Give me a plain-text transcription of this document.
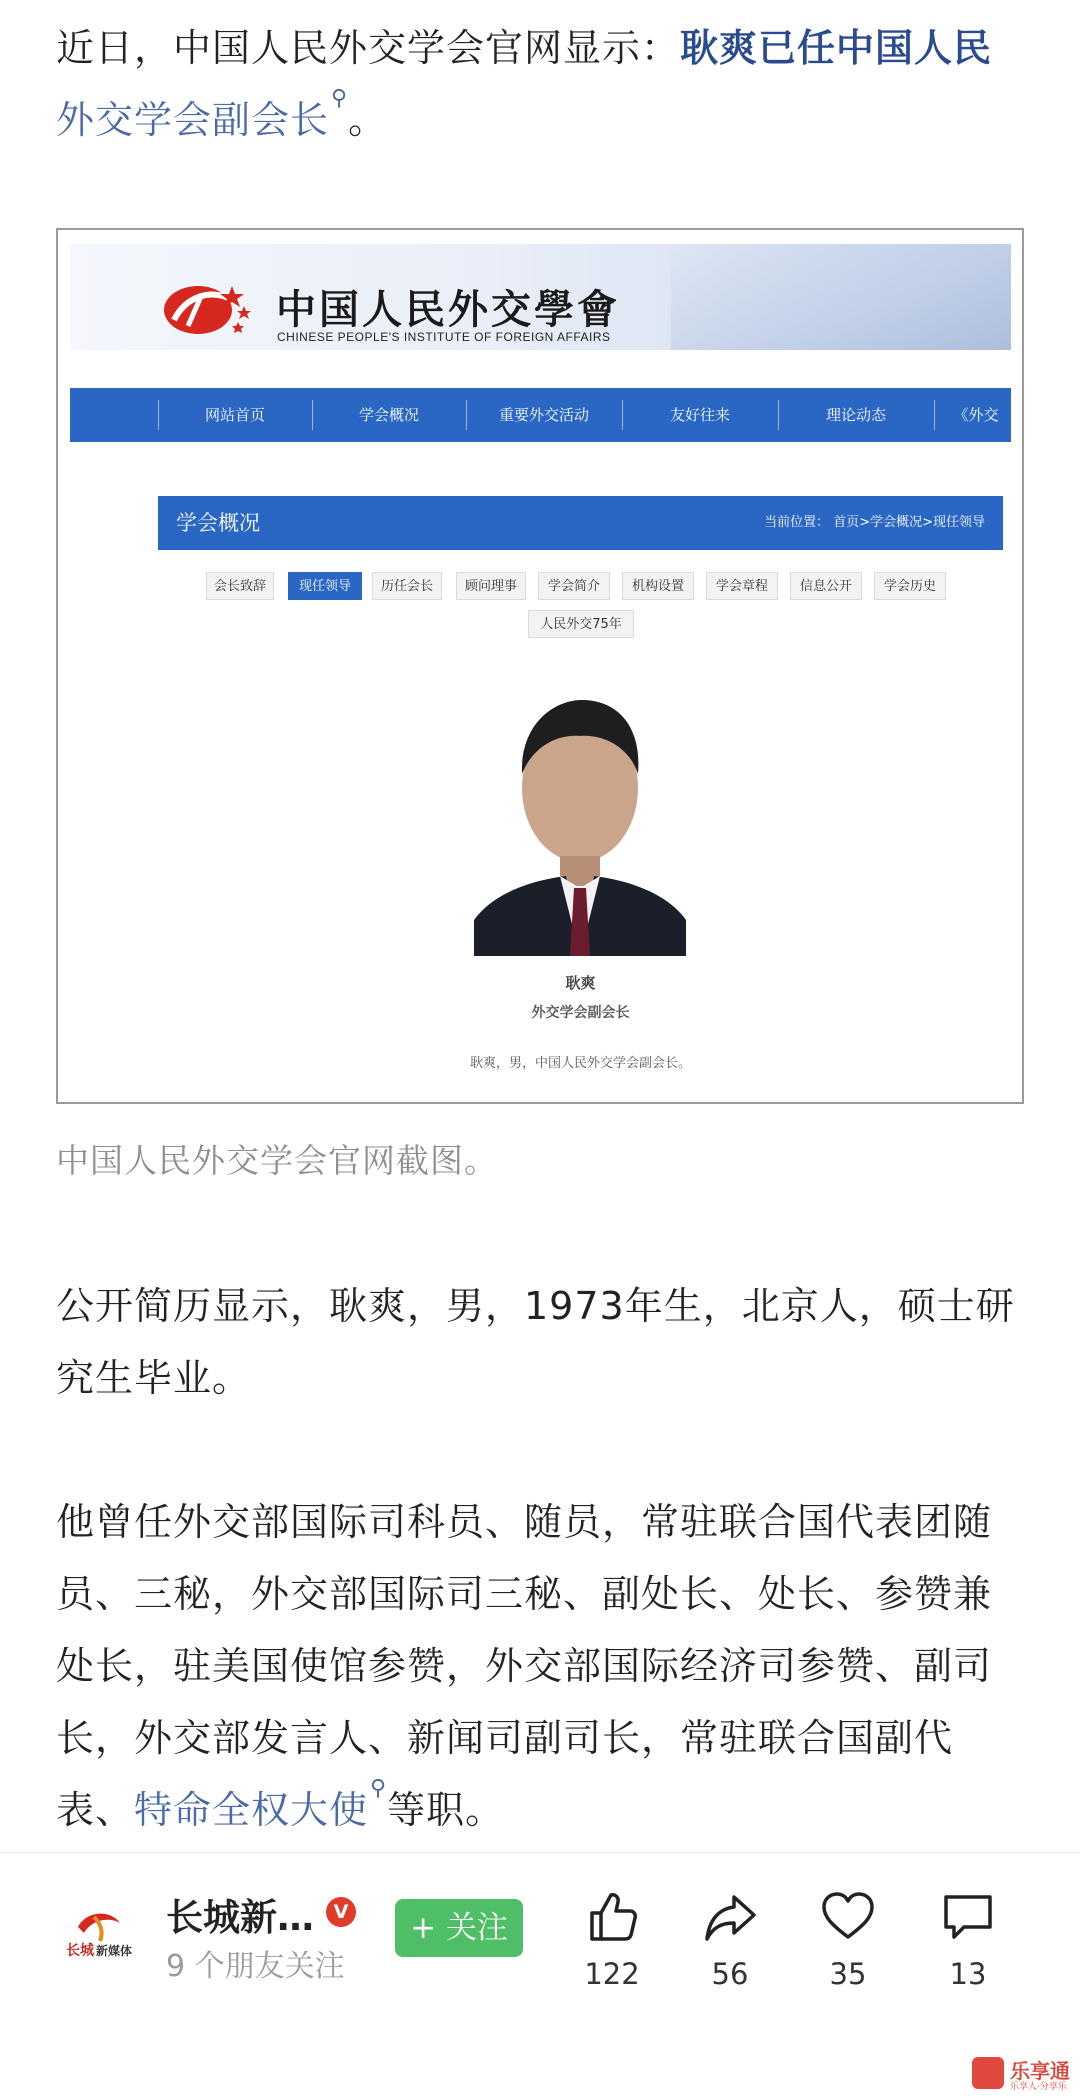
近日，中国人民外交学会官网显示：耿爽已任中国人民外交学会副会长⚲。

中国人民外交學會
CHINESE PEOPLE'S INSTITUTE OF FOREIGN AFFAIRS
网站首页	学会概况	重要外交活动	友好往来	理论动态	《外交
学会概况	当前位置： 首页>学会概况>现任领导
会长致辞	现任领导	历任会长	顾问理事	学会简介	机构设置	学会章程	信息公开	学会历史
人民外交75年
耿爽
外交学会副会长
耿爽，男，中国人民外交学会副会长。
中国人民外交学会官网截图。

公开简历显示，耿爽，男，1973年生，北京人，硕士研究生毕业。

他曾任外交部国际司科员、随员，常驻联合国代表团随员、三秘，外交部国际司三秘、副处长、处长、参赞兼处长，驻美国使馆参赞，外交部国际经济司参赞、副司长，外交部发言人、新闻司副司长，常驻联合国副代表、特命全权大使⚲等职。

长城 新媒体
长城新…	V
9 个朋友关注
+ 关注
122	56	35	13
乐享通
乐享人·分享乐
